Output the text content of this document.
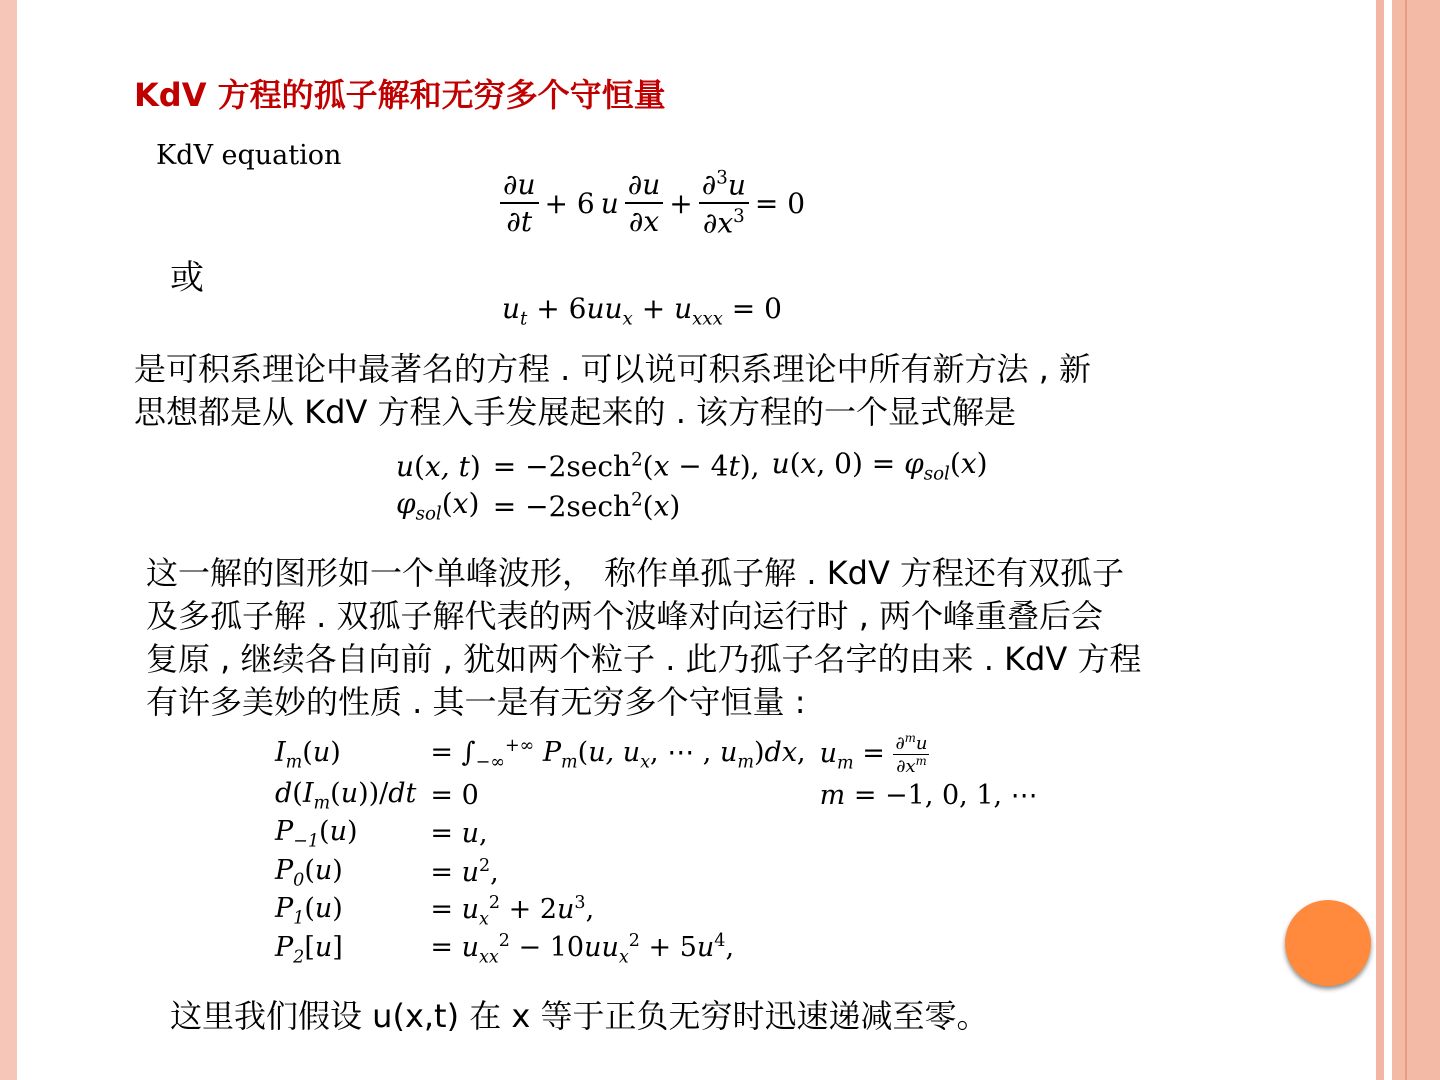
KdV 方程的孤子解和无穷多个守恒量
KdV equation
$\frac{\partial u}{\partial t} + 6$ u $\frac{\partial u}{\partial x} + \frac{\partial^3u}{\partial x^3} = 0$
或
$u_t + 6uu_x + u_{xxx} = 0$
是可积系理论中最著名的方程 . 可以说可积系理论中所有新方法 , 新
思想都是从 KdV 方程入手发展起来的 . 该方程的一个显式解是
u(x, t)	= −2sech$^2$(x − 4t),	u(x, $0) = \varphi_{sol}(x)$
$\varphi_{sol}(x)$	= −2sech$^2$(x)	
这一解的图形如一个单峰波形， 称作单孤子解 . KdV 方程还有双孤子
及多孤子解 . 双孤子解代表的两个波峰对向运行时 , 两个峰重叠后会
复原 , 继续各自向前 , 犹如两个粒子 . 此乃孤子名字的由来 . KdV 方程
有许多美妙的性质 . 其一是有无穷多个守恒量 :
$I_m(u)$	= $\int_{-\infty}^{+\infty}$ $P_m(u$, $u_x$, ⋯ , $u_m)dx$,	$u_m = \frac{\partial^mu}{\partial x^m}$

$d(I_m(u))/dt$	= 0	m = −1, 0, 1, ⋯
$P_{-1}(u)$	= u,	
$P_0(u)$	= $u^2$,	
$P_1(u)$	= $u_x^2 + 2u^3$,	
$P_2[u]$	= $u_{xx}^2 - 10uu_x^2 + 5u^4$,	
这里我们假设 u(x,t) 在 x 等于正负无穷时迅速递减至零。
